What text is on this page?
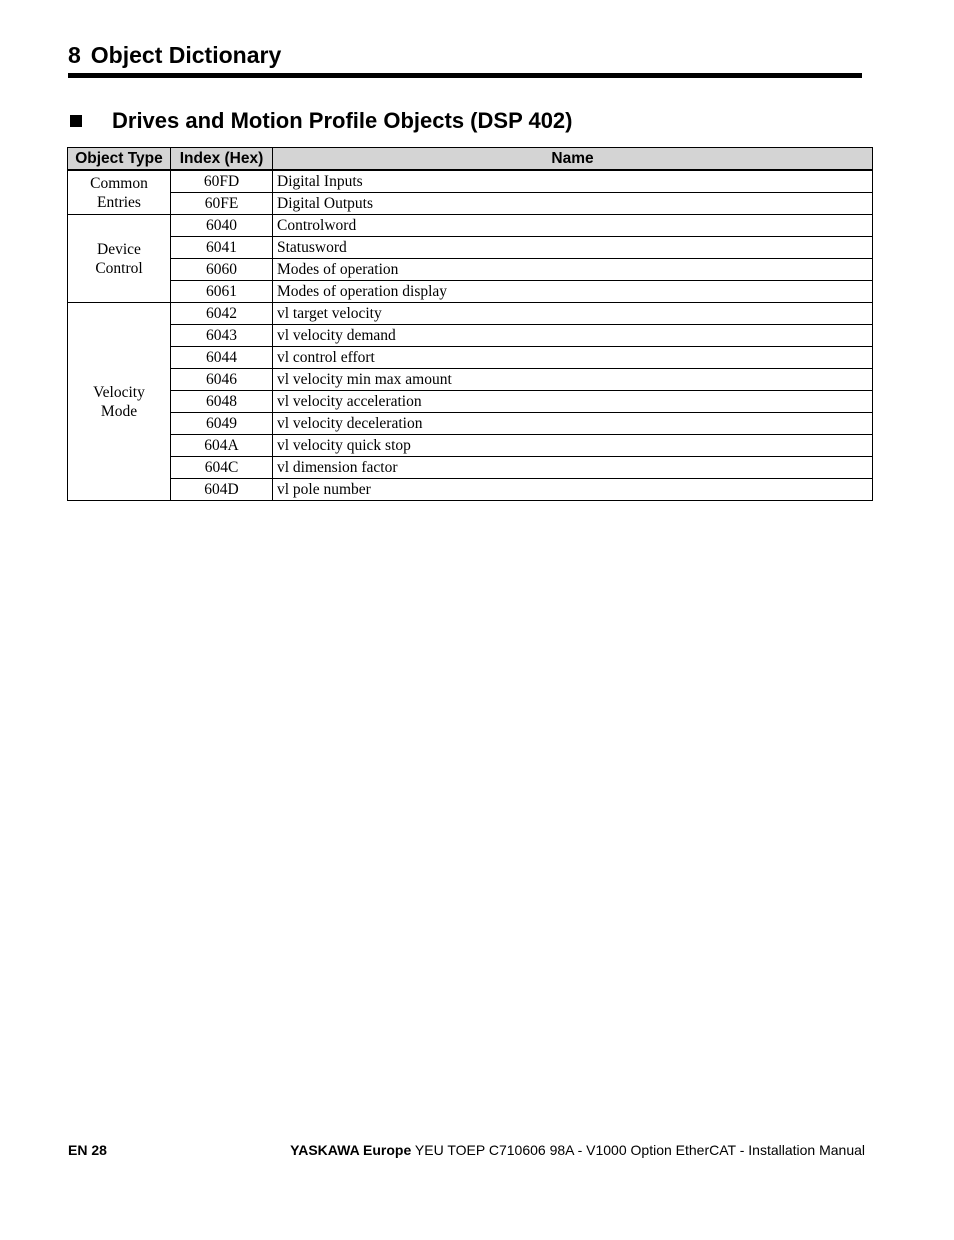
8 Object Dictionary
Drives and Motion Profile Objects (DSP 402)
Object Type	Index (Hex)	Name
Common
Entries	60FD	Digital Inputs
	60FE	Digital Outputs
Device
Control	6040	Controlword
	6041	Statusword
	6060	Modes of operation
	6061	Modes of operation display
Velocity
Mode	6042	vl target velocity
	6043	vl velocity demand
	6044	vl control effort
	6046	vl velocity min max amount
	6048	vl velocity acceleration
	6049	vl velocity deceleration
	604A	vl velocity quick stop
	604C	vl dimension factor
	604D	vl pole number
EN 28	YASKAWA Europe YEU TOEP C710606 98A - V1000 Option EtherCAT - Installation Manual
